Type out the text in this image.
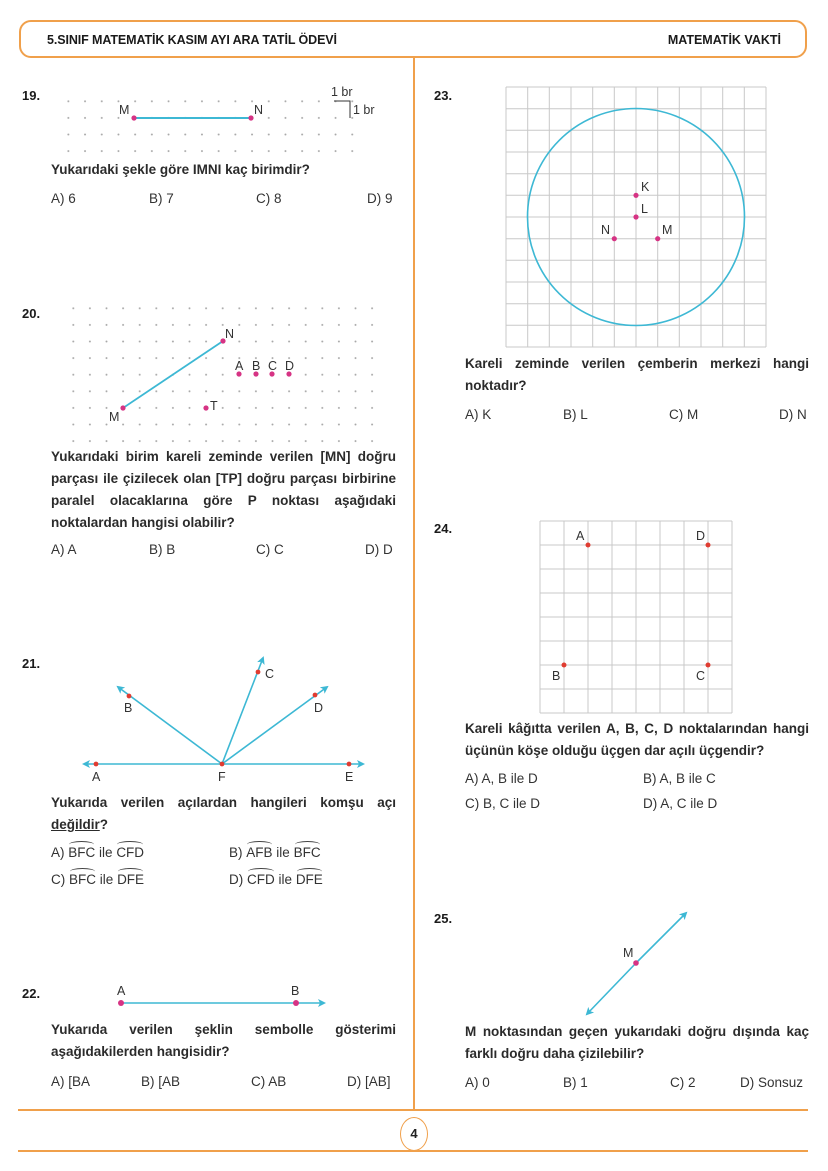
5.SINIF MATEMATİK KASIM AYI ARA TATİL ÖDEVİ	MATEMATİK VAKTİ
4
M	N
1 br
1 br
M
N
T
A B C D
A
B
C
D
E
F
A	B
K
L
N	M
A	D
B	C
M
19.
Yukarıdaki şekle göre IMNI kaç birimdir?
A) 6	B) 7	C) 8	D) 9
20.
Yukarıdaki birim kareli zeminde verilen [MN] doğru parçası ile çizilecek olan [TP] doğru parçası birbirine paralel olacaklarına göre P noktası aşağıdaki noktalardan hangisi olabilir?
A) A	B) B	C) C	D) D
21.
Yukarıda verilen açılardan hangileri komşu açı değildir?
A) BFC ile CFD	B) AFB ile BFC
C) BFC ile DFE	D) CFD ile DFE
22.
Yukarıda verilen şeklin sembolle gösterimi aşağıdakilerden hangisidir?
A) [BA	B) [AB	C) AB	D) [AB]
23.
Kareli zeminde verilen çemberin merkezi hangi noktadır?
A) K	B) L	C) M	D) N
24.
Kareli kâğıtta verilen A, B, C, D noktalarından hangi üçünün köşe olduğu üçgen dar açılı üçgendir?
A) A, B ile D	B) A, B ile C
C) B, C ile D	D) A, C ile D
25.
M noktasından geçen yukarıdaki doğru dışında kaç farklı doğru daha çizilebilir?
A) 0	B) 1	C) 2	D) Sonsuz
